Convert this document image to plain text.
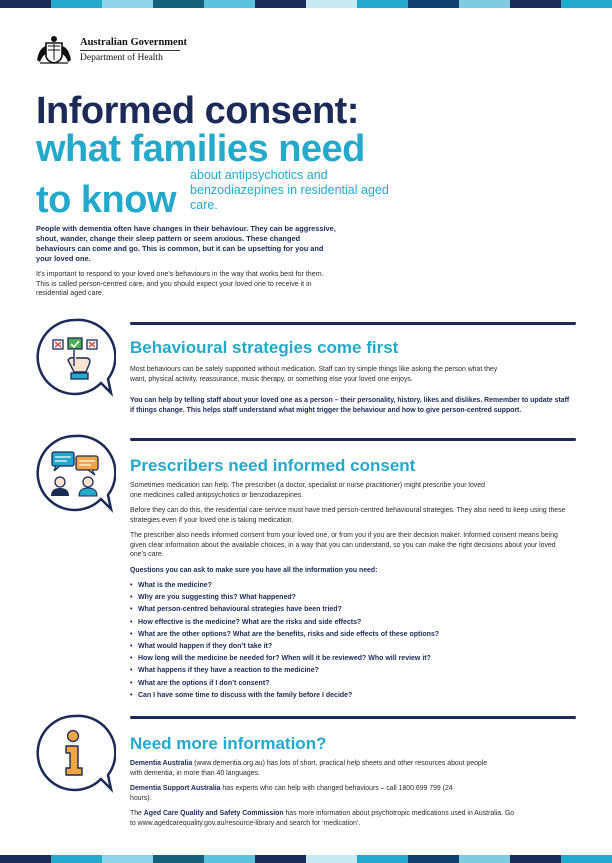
Australian Government
Department of Health
Informed consent:
what families need
to know
about antipsychotics and benzodiazepines in residential aged care.

People with dementia often have changes in their behaviour. They can be aggressive, shout, wander, change their sleep pattern or seem anxious. These changed behaviours can come and go. This is common, but it can be upsetting for you and your loved one.

It’s important to respond to your loved one’s behaviours in the way that works best for them. This is called person-centred care, and you should expect your loved one to receive it in residential aged care.

Behavioural strategies come first

Most behaviours can be safely supported without medication. Staff can try simple things like asking the person what they want, physical activity, reassurance, music therapy, or something else your loved one enjoys.

You can help by telling staff about your loved one as a person – their personality, history, likes and dislikes. Remember to update staff if things change. This helps staff understand what might trigger the behaviour and how to give person-centred support.

Prescribers need informed consent

Sometimes medication can help. The prescriber (a doctor, specialist or nurse practitioner) might prescribe your loved one medicines called antipsychotics or benzodiazepines.

Before they can do this, the residential care service must have tried person-centred behavioural strategies. They also need to keep using these strategies even if your loved one is taking medication.

The prescriber also needs informed consent from your loved one, or from you if you are their decision maker. Informed consent means being given clear information about the available choices, in a way that you can understand, so you can make the right decisions about your loved one’s care.

Questions you can ask to make sure you have all the information you need:

• What is the medicine?
• Why are you suggesting this? What happened?
• What person-centred behavioural strategies have been tried?
• How effective is the medicine? What are the risks and side effects?
• What are the other options? What are the benefits, risks and side effects of these options?
• What would happen if they don’t take it?
• How long will the medicine be needed for? When will it be reviewed? Who will review it?
• What happens if they have a reaction to the medicine?
• What are the options if I don’t consent?
• Can I have some time to discuss with the family before I decide?
Need more information?

Dementia Australia (www.dementia.org.au) has lots of short, practical help sheets and other resources about people with dementia, in more than 40 languages.

Dementia Support Australia has experts who can help with changed behaviours – call 1800 699 799 (24 hours).

The Aged Care Quality and Safety Commission has more information about psychotropic medications used in Australia. Go to www.agedcarequality.gov.au/resource-library and search for ‘medication’.
